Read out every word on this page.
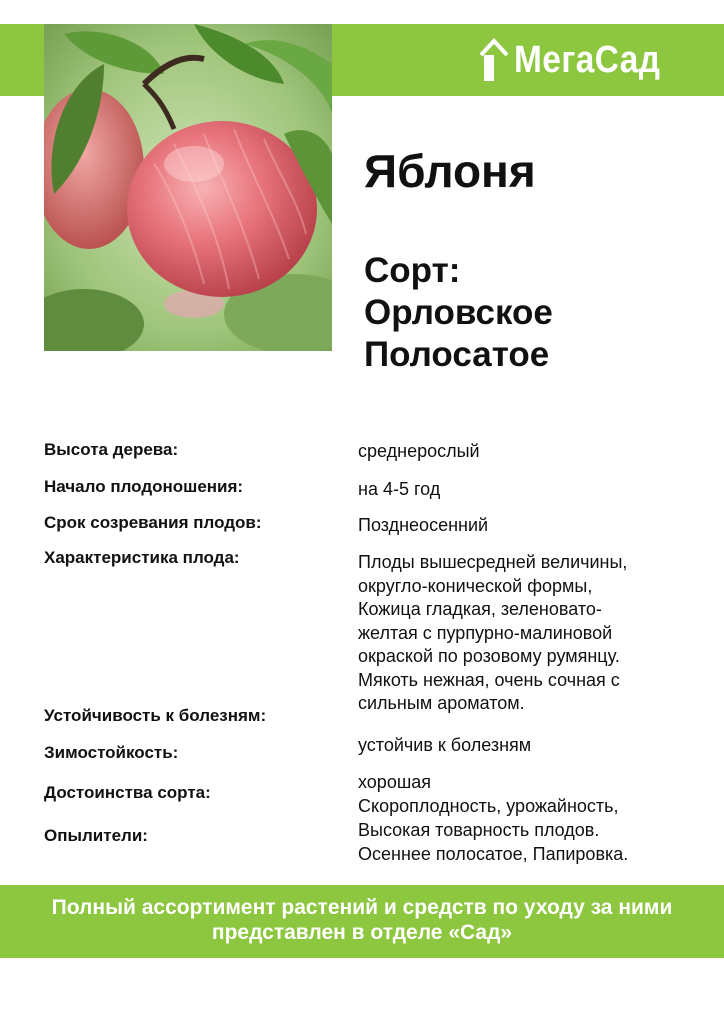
МегаСад
Яблоня
Сорт:
Орловское
Полосатое
Высота дерева:
Начало плодоношения:
Срок созревания плодов:
Характеристика плода:
Устойчивость к болезням:
Зимостойкость:
Достоинства сорта:
Опылители:
среднерослый
на 4-5 год
Позднеосенний
Плоды вышесредней величины,
округло-конической формы,
Кожица гладкая, зеленовато-
желтая с пурпурно-малиновой
окраской по розовому румянцу.
Мякоть нежная, очень сочная с
сильным ароматом.
устойчив к болезням
хорошая
Скороплодность, урожайность,
Высокая товарность плодов.
Осеннее полосатое, Папировка.
Полный ассортимент растений и средств по уходу за ними
представлен в отделе «Сад»
